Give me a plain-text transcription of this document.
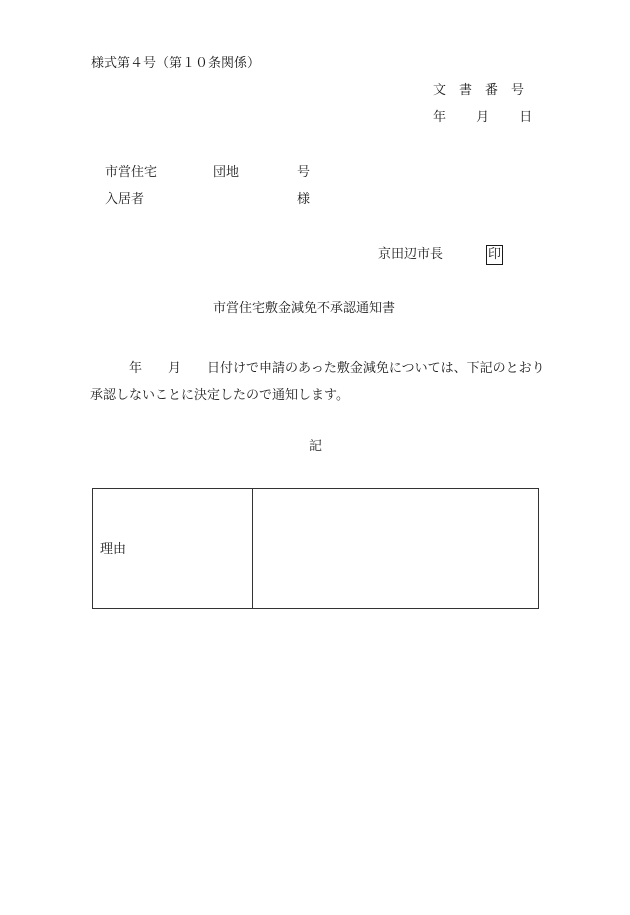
様式第４号（第１０条関係）
文　書　番　号
年　　 月　　 日
市営住宅	団地	号
入居者	様
京田辺市長	印
市営住宅敷金減免不承認通知書
　　　年　　月　　日付けで申請のあった敷金減免については、下記のとおり承認しないことに決定したので通知します。
記
理由
